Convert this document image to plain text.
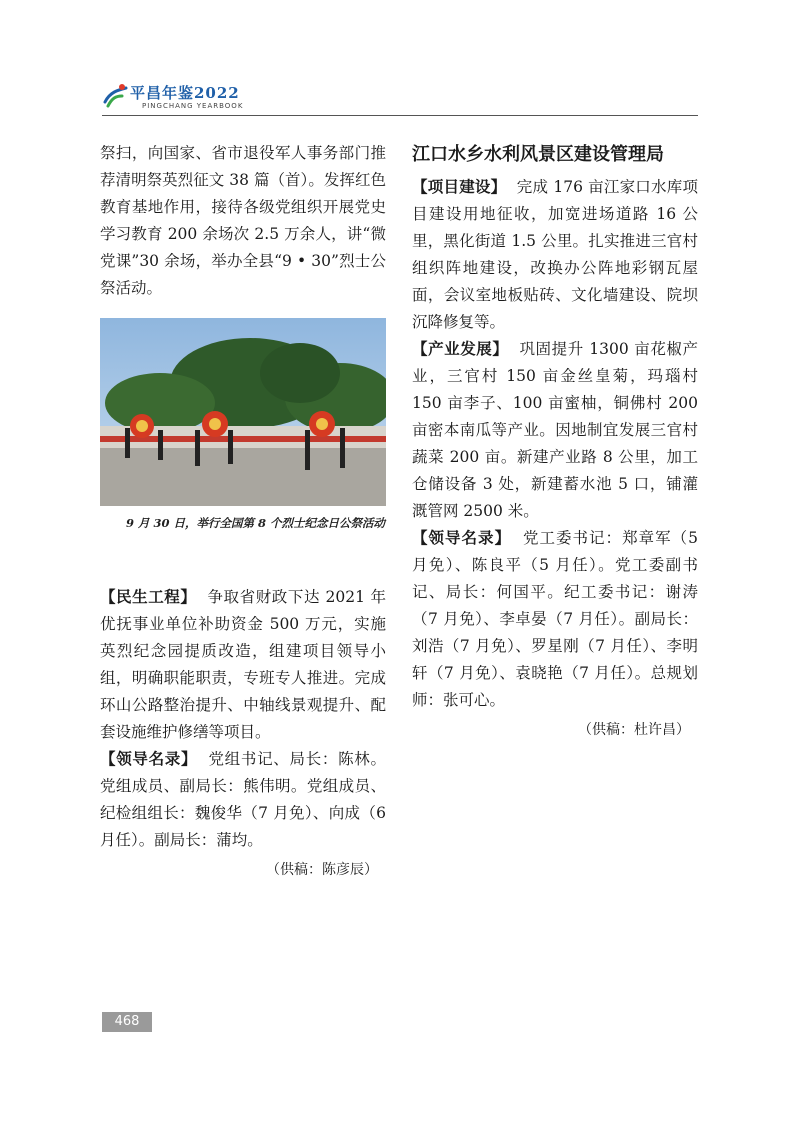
平昌年鉴2022
PINGCHANG YEARBOOK

祭扫，向国家、省市退役军人事务部门推荐清明祭英烈征文 38 篇（首）。发挥红色教育基地作用，接待各级党组织开展党史学习教育 200 余场次 2.5 万余人，讲“微党课”30 余场，举办全县“9 • 30”烈士公祭活动。

9 月 30 日，举行全国第 8 个烈士纪念日公祭活动

【民生工程】 争取省财政下达 2021 年优抚事业单位补助资金 500 万元，实施英烈纪念园提质改造，组建项目领导小组，明确职能职责，专班专人推进。完成环山公路整治提升、中轴线景观提升、配套设施维护修缮等项目。

【领导名录】 党组书记、局长：陈林。党组成员、副局长：熊伟明。党组成员、纪检组组长：魏俊华（7 月免）、向成（6 月任）。副局长：蒲均。

（供稿：陈彦辰）

江口水乡水利风景区建设管理局

【项目建设】 完成 176 亩江家口水库项目建设用地征收，加宽进场道路 16 公里，黑化街道 1.5 公里。扎实推进三官村组织阵地建设，改换办公阵地彩钢瓦屋面，会议室地板贴砖、文化墙建设、院坝沉降修复等。

【产业发展】 巩固提升 1300 亩花椒产业，三官村 150 亩金丝皇菊，玛瑙村 150 亩李子、100 亩蜜柚，铜佛村 200 亩密本南瓜等产业。因地制宜发展三官村蔬菜 200 亩。新建产业路 8 公里，加工仓储设备 3 处，新建蓄水池 5 口，铺灌溉管网 2500 米。

【领导名录】 党工委书记：郑章军（5 月免）、陈良平（5 月任）。党工委副书记、局长：何国平。纪工委书记：谢涛（7 月免）、李卓晏（7 月任）。副局长：刘浩（7 月免）、罗星刚（7 月任）、李明轩（7 月免）、袁晓艳（7 月任）。总规划师：张可心。

（供稿：杜许昌）

468
